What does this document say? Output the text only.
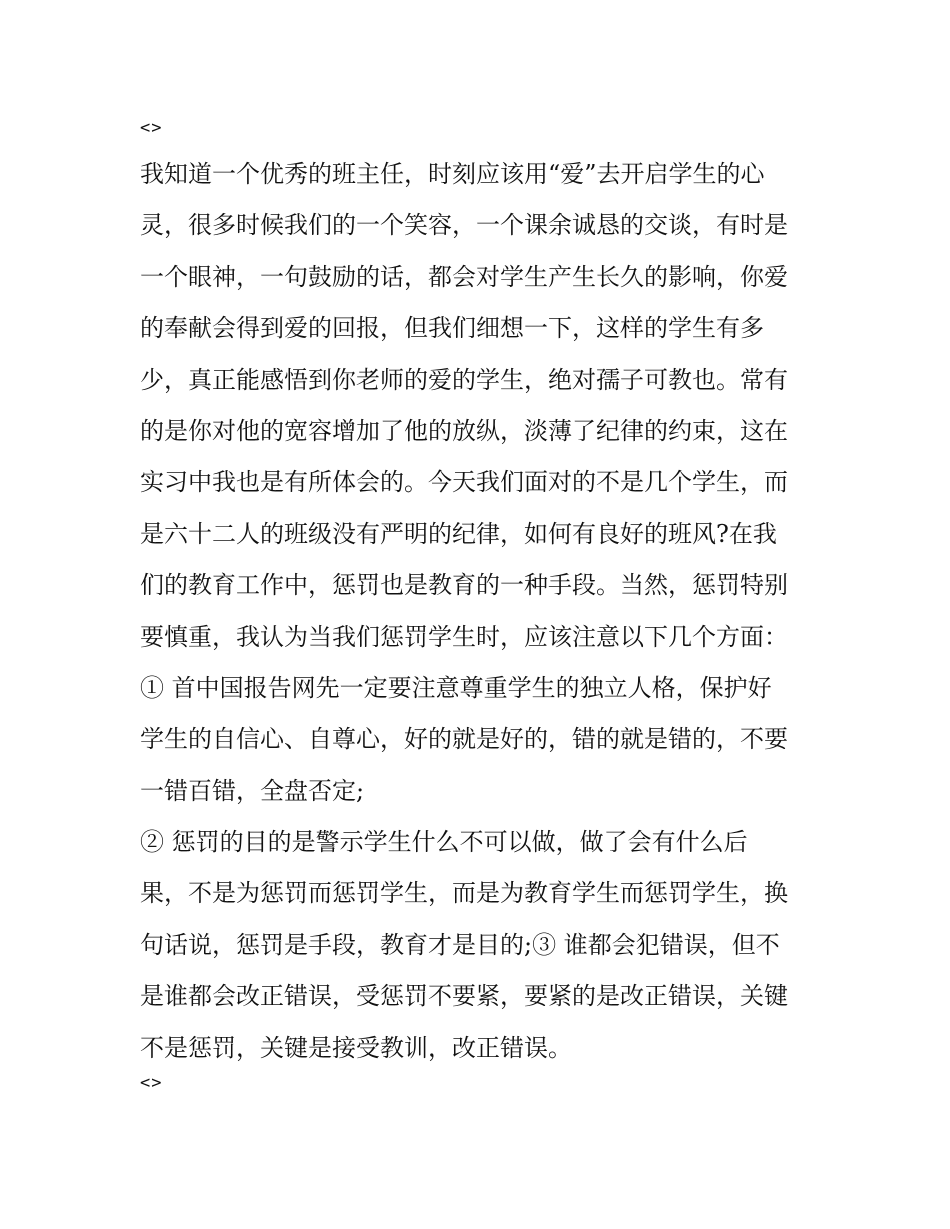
<>
我知道一个优秀的班主任，时刻应该用“爱”去开启学生的心
灵，很多时候我们的一个笑容，一个课余诚恳的交谈，有时是
一个眼神，一句鼓励的话，都会对学生产生长久的影响，你爱
的奉献会得到爱的回报，但我们细想一下，这样的学生有多
少，真正能感悟到你老师的爱的学生，绝对孺子可教也。常有
的是你对他的宽容增加了他的放纵，淡薄了纪律的约束，这在
实习中我也是有所体会的。今天我们面对的不是几个学生，而
是六十二人的班级没有严明的纪律，如何有良好的班风?在我
们的教育工作中，惩罚也是教育的一种手段。当然，惩罚特别
要慎重，我认为当我们惩罚学生时，应该注意以下几个方面：
① 首中国报告网先一定要注意尊重学生的独立人格，保护好
学生的自信心、自尊心，好的就是好的，错的就是错的，不要
一错百错，全盘否定;
② 惩罚的目的是警示学生什么不可以做，做了会有什么后
果，不是为惩罚而惩罚学生，而是为教育学生而惩罚学生，换
句话说，惩罚是手段，教育才是目的;③ 谁都会犯错误，但不
是谁都会改正错误，受惩罚不要紧，要紧的是改正错误，关键
不是惩罚，关键是接受教训，改正错误。
<>
